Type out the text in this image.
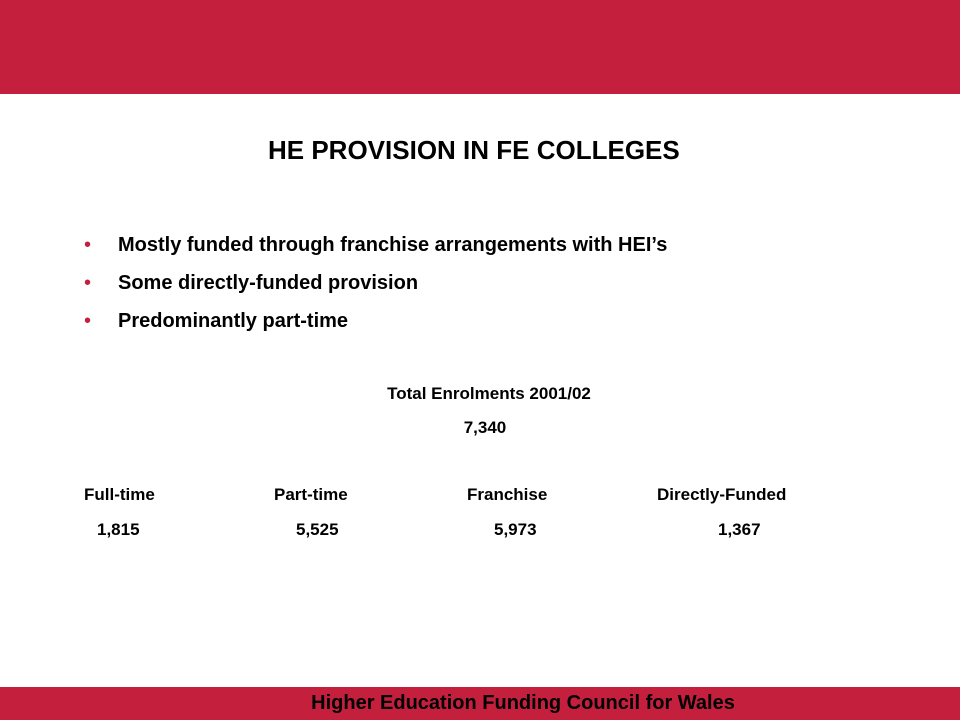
HE PROVISION IN FE COLLEGES
• Mostly funded through franchise arrangements with HEI’s
• Some directly-funded provision
• Predominantly part-time
Total Enrolments 2001/02
7,340
Full-time	Part-time	Franchise	Directly-Funded
1,815	5,525	5,973	1,367
Higher Education Funding Council for Wales
